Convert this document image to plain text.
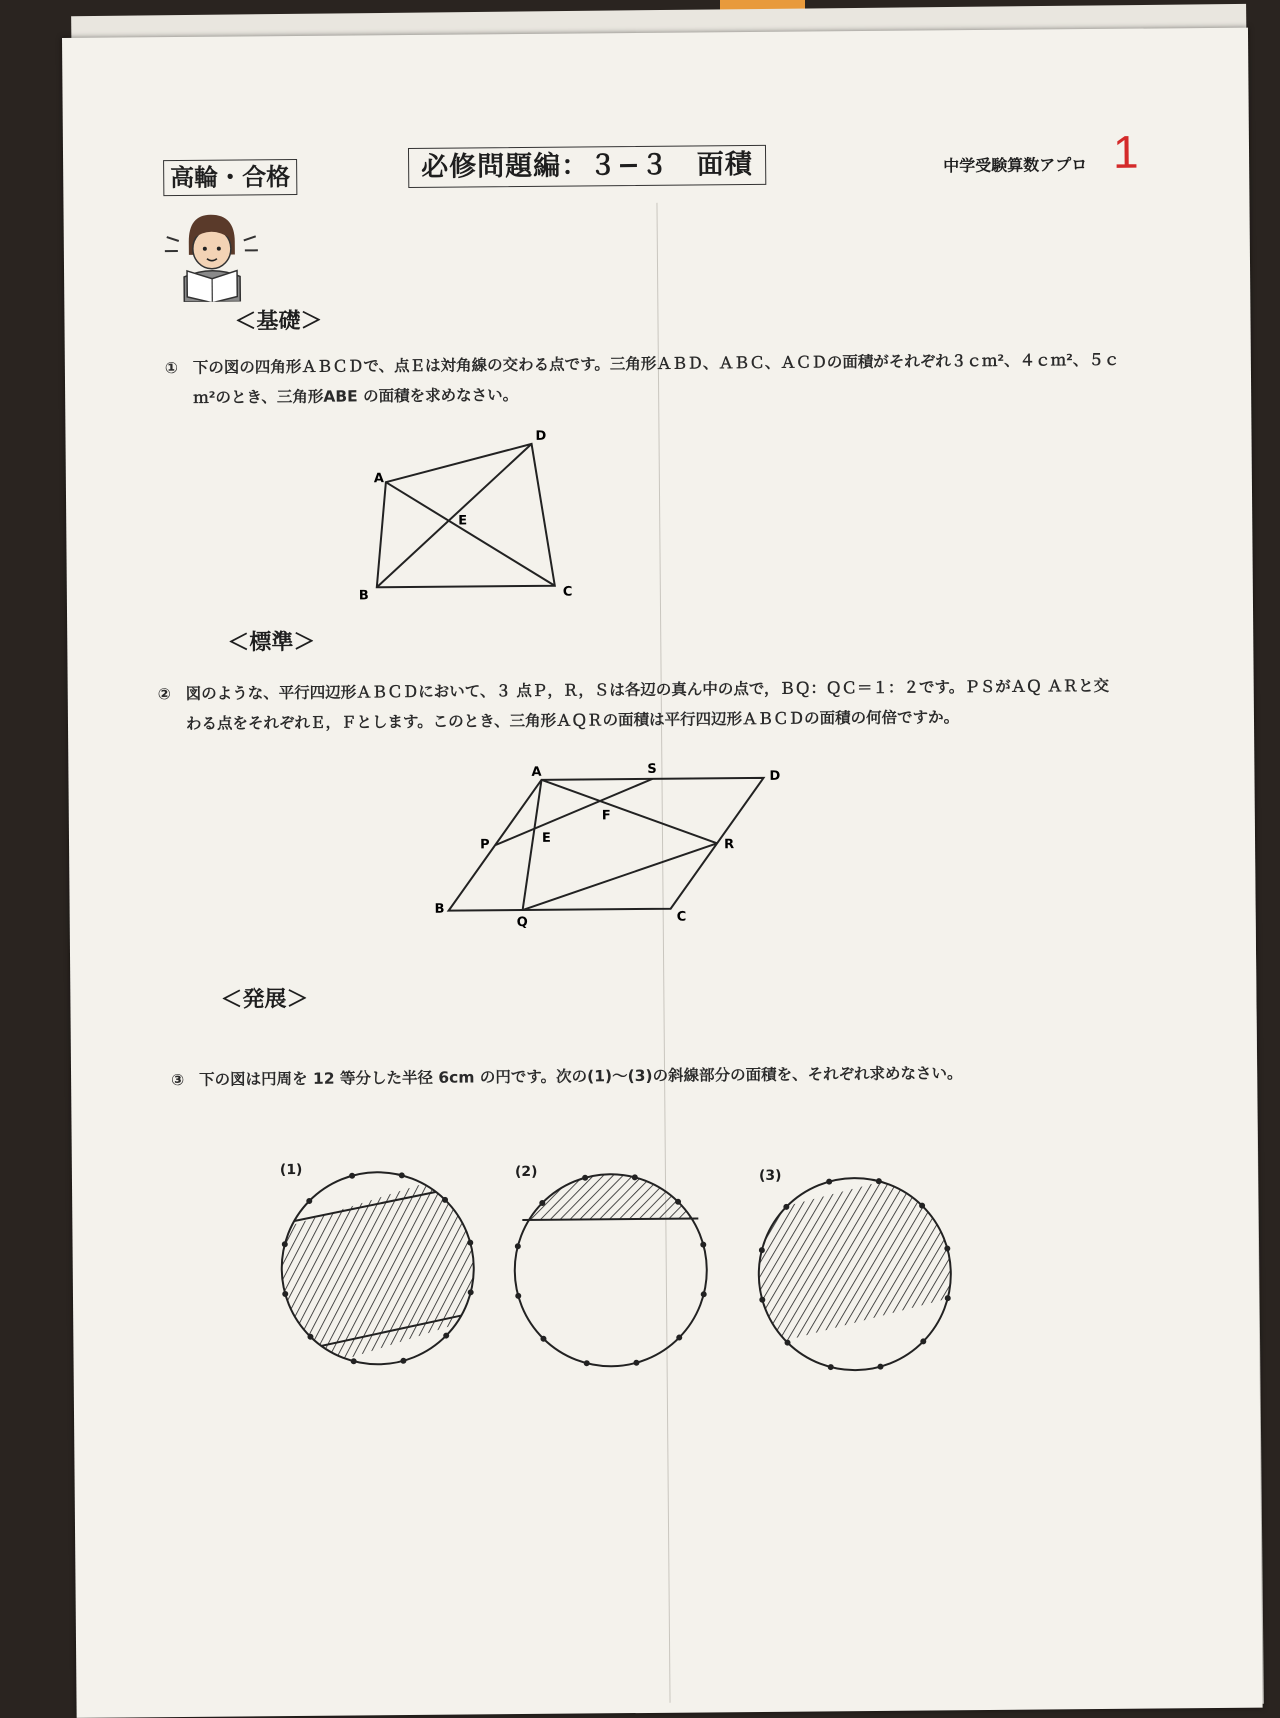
高輪・合格	必修問題編：３−３　面積	中学受験算数アプロ 1
＜基礎＞
① 下の図の四角形ＡＢＣＤで、点Ｅは対角線の交わる点です。三角形ＡＢＤ、ＡＢＣ、ＡＣＤの面積がそれぞれ３ｃｍ²、４ｃｍ²、５ｃｍ²のとき、三角形ABE の面積を求めなさい。
A
D
E
B	C
＜標準＞
② 図のような、平行四辺形ＡＢＣＤにおいて、３ 点Ｐ，Ｒ，Ｓは各辺の真ん中の点で，ＢＱ：ＱＣ＝１：２です。ＰＳがＡＱ ＡＲと交わる点をそれぞれＥ，Ｆとします。このとき、三角形ＡＱＲの面積は平行四辺形ＡＢＣＤの面積の何倍ですか。
A	S	D
F
E
P	R
B
Q	C
＜発展＞
③ 下の図は円周を 12 等分した半径 6cm の円です。次の(1)～(3)の斜線部分の面積を、それぞれ求めなさい。
(1)	(2)	(3)
